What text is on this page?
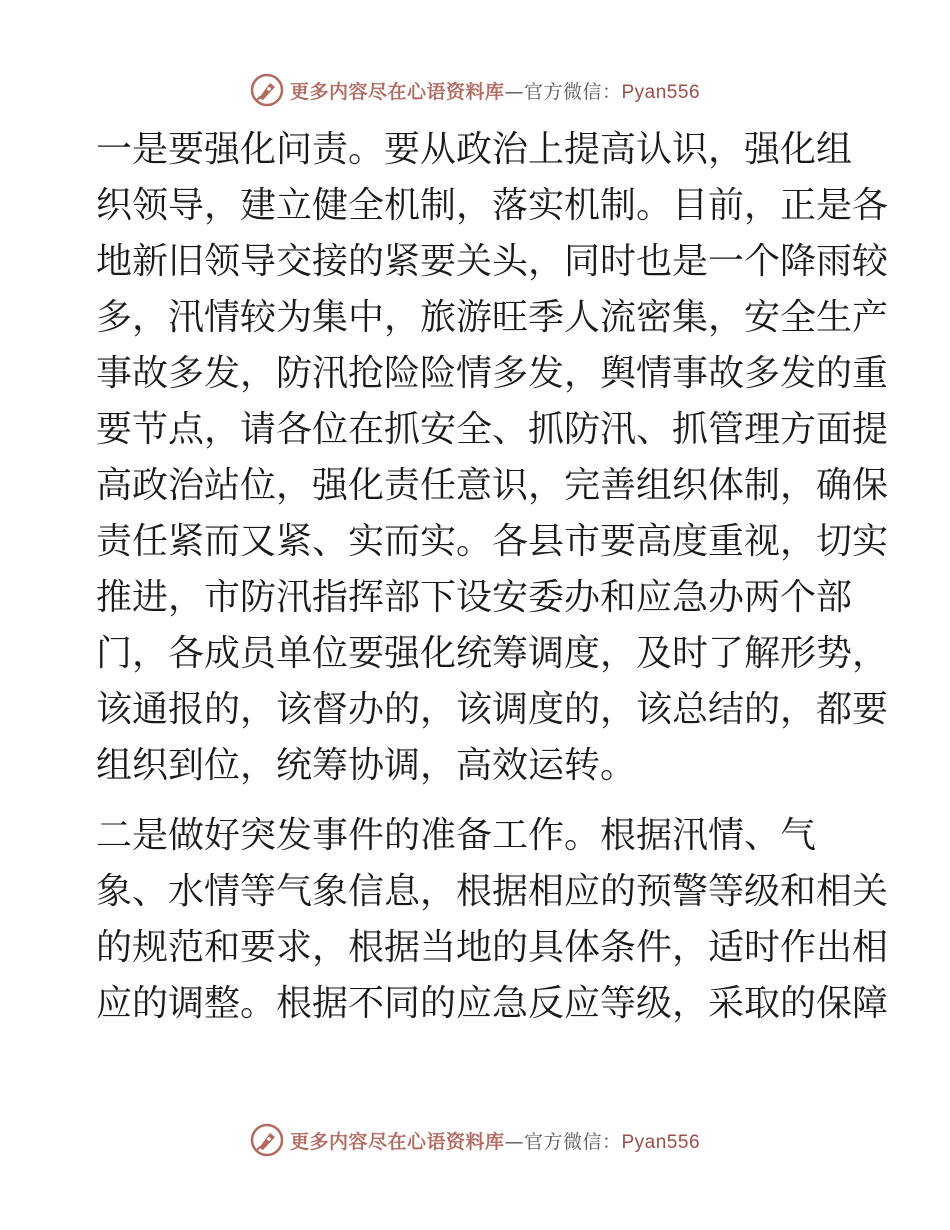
更多内容尽在心语资料库—官方微信：Pyan556
一是要强化问责。要从政治上提高认识，强化组
织领导，建立健全机制，落实机制。目前，正是各
地新旧领导交接的紧要关头，同时也是一个降雨较
多，汛情较为集中，旅游旺季人流密集，安全生产
事故多发，防汛抢险险情多发，舆情事故多发的重
要节点，请各位在抓安全、抓防汛、抓管理方面提
高政治站位，强化责任意识，完善组织体制，确保
责任紧而又紧、实而实。各县市要高度重视，切实
推进，市防汛指挥部下设安委办和应急办两个部
门，各成员单位要强化统筹调度，及时了解形势，
该通报的，该督办的，该调度的，该总结的，都要
组织到位，统筹协调，高效运转。
二是做好突发事件的准备工作。根据汛情、气
象、水情等气象信息，根据相应的预警等级和相关
的规范和要求，根据当地的具体条件，适时作出相
应的调整。根据不同的应急反应等级，采取的保障
更多内容尽在心语资料库—官方微信：Pyan556
